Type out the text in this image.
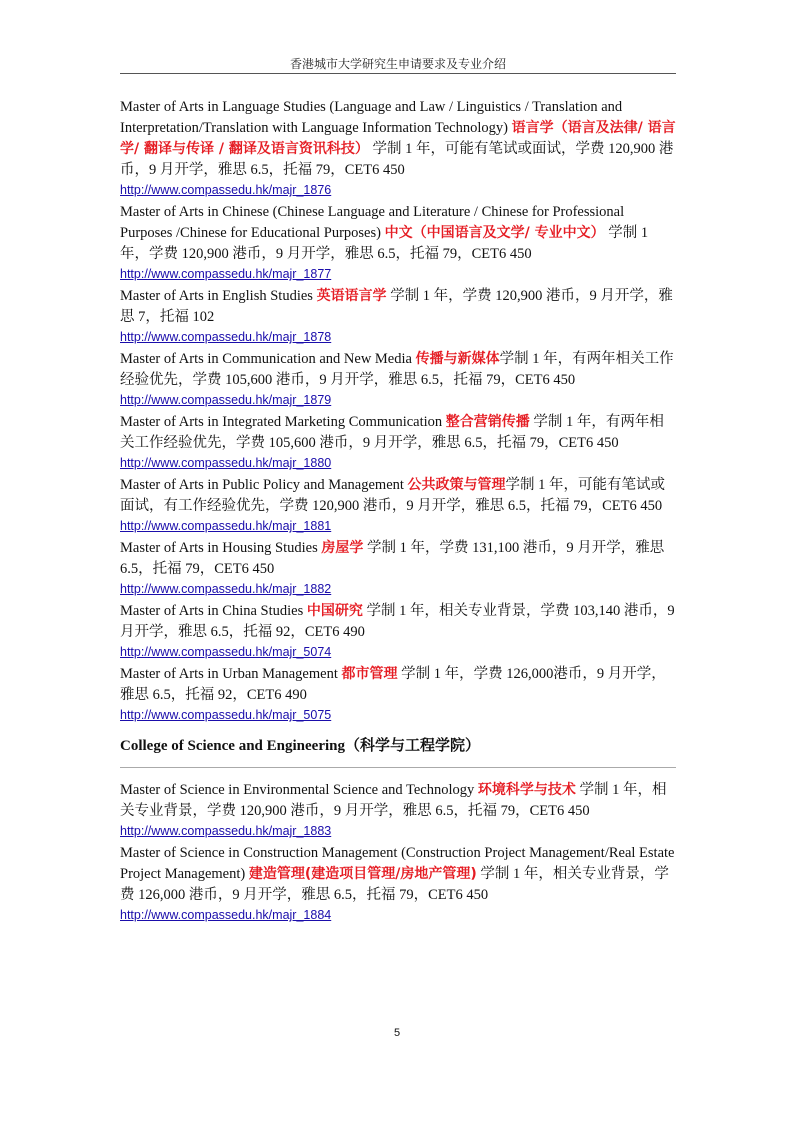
香港城市大学研究生申请要求及专业介绍

Master of Arts in Language Studies (Language and Law / Linguistics / Translation and Interpretation/Translation with Language Information Technology) 语言学（语言及法律/ 语言学/ 翻译与传译 / 翻译及语言资讯科技） 学制 1 年，可能有笔试或面试，学费 120,900 港币，9 月开学，雅思 6.5，托福 79，CET6 450

http://www.compassedu.hk/majr_1876

Master of Arts in Chinese (Chinese Language and Literature / Chinese for Professional Purposes /Chinese for Educational Purposes) 中文（中国语言及文学/ 专业中文） 学制 1 年，学费 120,900 港币，9 月开学，雅思 6.5，托福 79，CET6 450

http://www.compassedu.hk/majr_1877

Master of Arts in English Studies 英语语言学 学制 1 年，学费 120,900 港币，9 月开学，雅思 7，托福 102

http://www.compassedu.hk/majr_1878

Master of Arts in Communication and New Media 传播与新媒体学制 1 年，有两年相关工作经验优先，学费 105,600 港币，9 月开学，雅思 6.5，托福 79，CET6 450

http://www.compassedu.hk/majr_1879

Master of Arts in Integrated Marketing Communication 整合营销传播 学制 1 年，有两年相关工作经验优先，学费 105,600 港币，9 月开学，雅思 6.5，托福 79，CET6 450

http://www.compassedu.hk/majr_1880

Master of Arts in Public Policy and Management 公共政策与管理学制 1 年，可能有笔试或面试，有工作经验优先，学费 120,900 港币，9 月开学，雅思 6.5，托福 79，CET6 450

http://www.compassedu.hk/majr_1881

Master of Arts in Housing Studies 房屋学 学制 1 年，学费 131,100 港币，9 月开学，雅思 6.5，托福 79，CET6 450

http://www.compassedu.hk/majr_1882

Master of Arts in China Studies 中国研究 学制 1 年，相关专业背景，学费 103,140 港币，9 月开学，雅思 6.5，托福 92，CET6 490

http://www.compassedu.hk/majr_5074

Master of Arts in Urban Management 都市管理 学制 1 年，学费 126,000港币，9 月开学，雅思 6.5，托福 92，CET6 490

http://www.compassedu.hk/majr_5075
College of Science and Engineering（科学与工程学院）

Master of Science in Environmental Science and Technology 环境科学与技术 学制 1 年，相关专业背景，学费 120,900 港币，9 月开学，雅思 6.5，托福 79，CET6 450

http://www.compassedu.hk/majr_1883

Master of Science in Construction Management (Construction Project Management/Real Estate Project Management) 建造管理(建造项目管理/房地产管理) 学制 1 年，相关专业背景，学费 126,000 港币，9 月开学，雅思 6.5，托福 79，CET6 450

http://www.compassedu.hk/majr_1884
5
